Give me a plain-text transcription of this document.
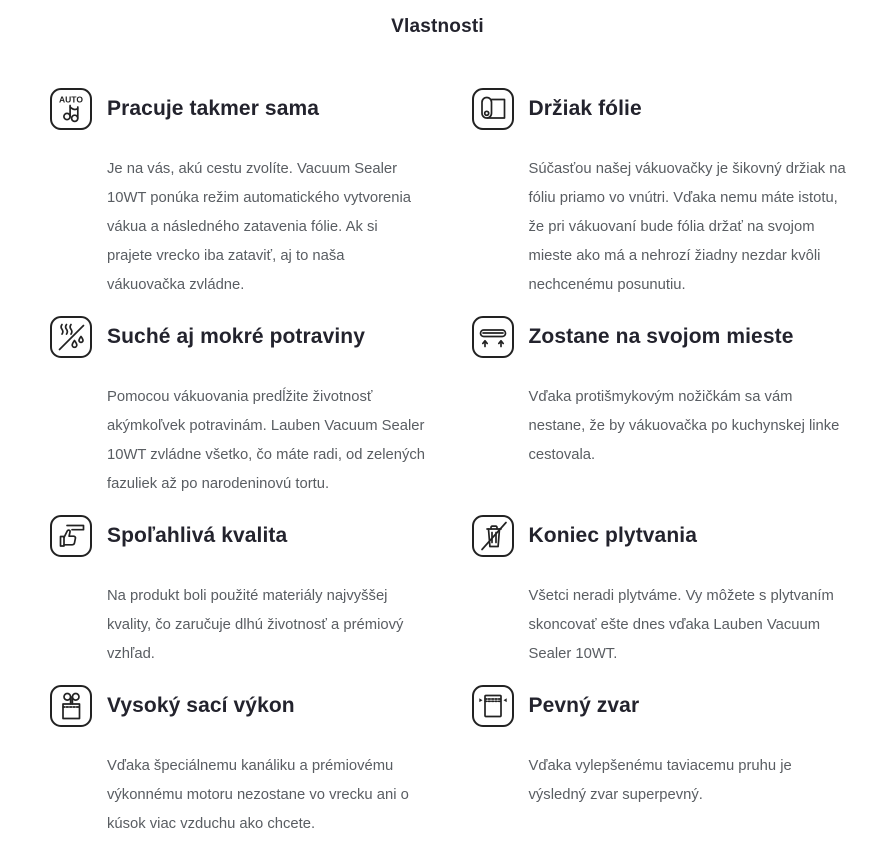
Vlastnosti
AUTO Pracuje takmer sama

Je na vás, akú cestu zvolíte. Vacuum Sealer 10WT ponúka režim automatického vytvorenia vákua a následného zatavenia fólie. Ak si prajete vrecko iba zataviť, aj to naša vákuovačka zvládne.

Držiak fólie

Súčasťou našej vákuovačky je šikovný držiak na fóliu priamo vo vnútri. Vďaka nemu máte istotu, že pri vákuovaní bude fólia držať na svojom mieste ako má a nehrozí žiadny nezdar kvôli nechcenému posunutiu.

Suché aj mokré potraviny

Pomocou vákuovania predĺžite životnosť akýmkoľvek potravinám. Lauben Vacuum Sealer 10WT zvládne všetko, čo máte radi, od zelených fazuliek až po narodeninovú tortu.

Zostane na svojom mieste

Vďaka protišmykovým nožičkám sa vám nestane, že by vákuovačka po kuchynskej linke cestovala.

Spoľahlivá kvalita

Na produkt boli použité materiály najvyššej kvality, čo zaručuje dlhú životnosť a prémiový vzhľad.

Koniec plytvania

Všetci neradi plytváme. Vy môžete s plytvaním skoncovať ešte dnes vďaka Lauben Vacuum Sealer 10WT.

Vysoký sací výkon

Vďaka špeciálnemu kanáliku a prémiovému výkonnému motoru nezostane vo vrecku ani o kúsok viac vzduchu ako chcete.

Pevný zvar

Vďaka vylepšenému taviacemu pruhu je výsledný zvar superpevný.
